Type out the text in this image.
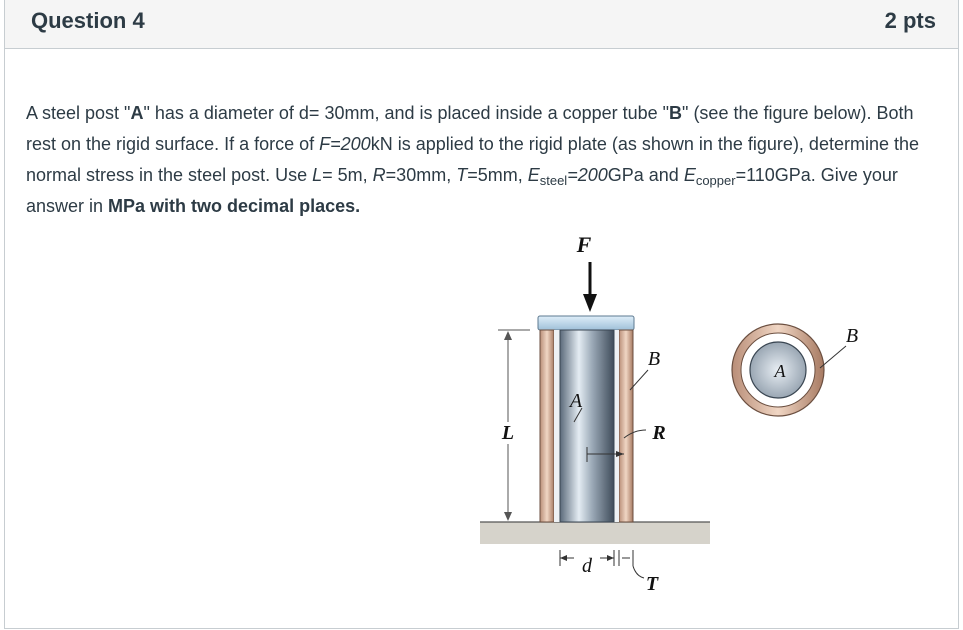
Question 4	2 pts
A steel post "A" has a diameter of d= 30mm, and is placed inside a copper tube "B" (see the figure below). Both rest on the rigid surface. If a force of F=200kN is applied to the rigid plate (as shown in the figure), determine the normal stress in the steel post. Use L= 5m, R=30mm, T=5mm, $E_{steel}=200GPa$ and $E_{copper}=110GPa$. Give your answer in MPa with two decimal places.
F
L
A
B
R
d
T
A
B
